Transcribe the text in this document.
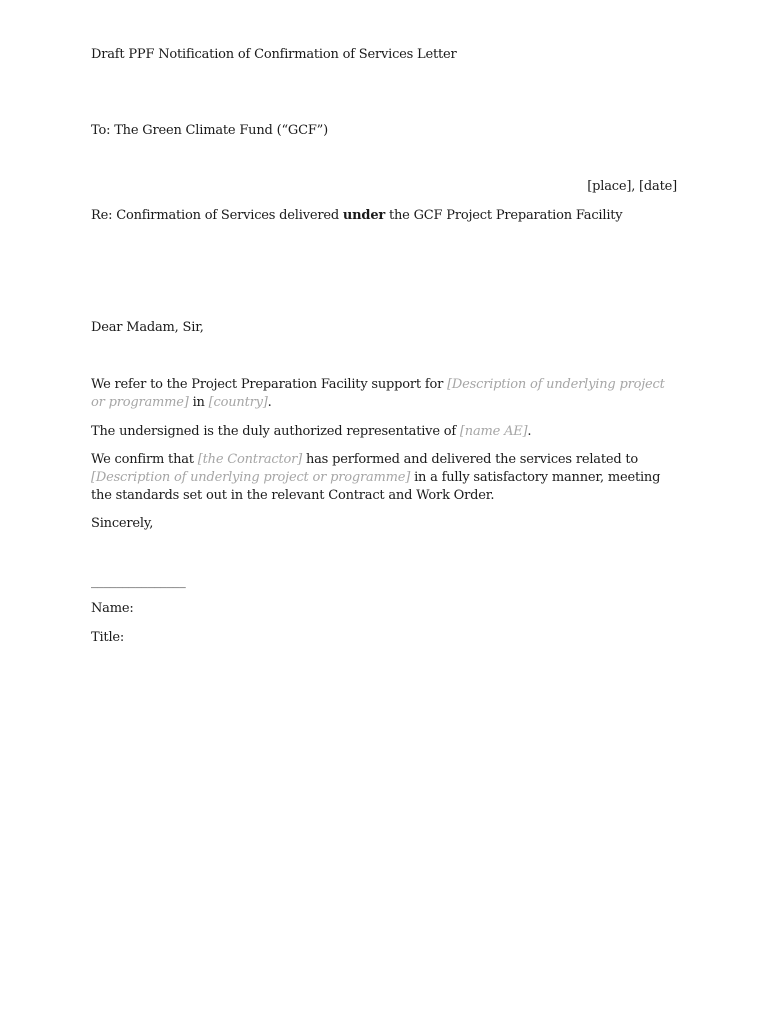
Draft PPF Notification of Confirmation of Services Letter
To: The Green Climate Fund (“GCF”)
[place], [date]
Re: Confirmation of Services delivered under the GCF Project Preparation Facility
Dear Madam, Sir,
We refer to the Project Preparation Facility support for [Description of underlying project or programme] in [country].
The undersigned is the duly authorized representative of [name AE].
We confirm that [the Contractor] has performed and delivered the services related to [Description of underlying project or programme] in a fully satisfactory manner, meeting the standards set out in the relevant Contract and Work Order.
Sincerely,
_______________
Name:
Title:
